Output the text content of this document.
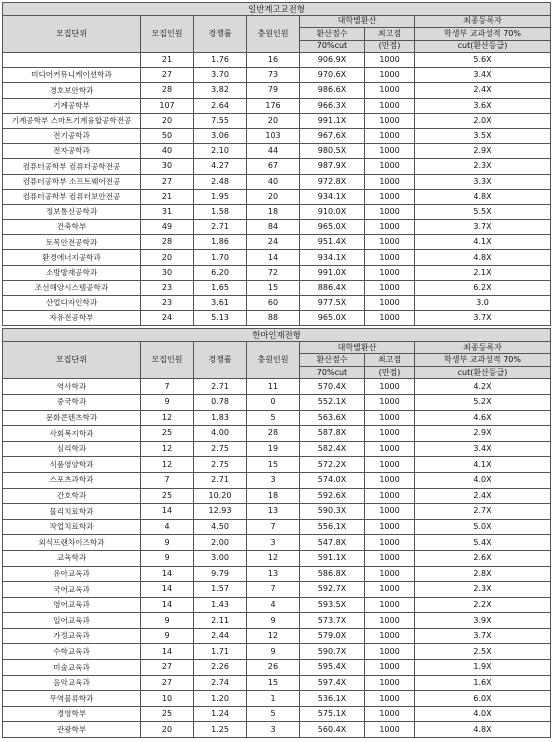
일반계고교전형						
모집단위	모집인원	경쟁률	충원인원	대학별환산		최종등록자
				환산점수	최고점	학생부 교과성적 70%
				70%cut	(만점)	cut(환산등급)
	21	1.76	16	906.9X	1000	5.6X
미디어커뮤니케이션학과	27	3.70	73	970.6X	1000	3.4X
경호보안학과	28	3.82	79	986.6X	1000	2.4X
기계공학부	107	2.64	176	966.3X	1000	3.6X
기계공학부 스마트기계융합공학전공	20	7.55	20	991.1X	1000	2.0X
전기공학과	50	3.06	103	967.6X	1000	3.5X
전자공학과	40	2.10	44	980.5X	1000	2.9X
컴퓨터공학부 컴퓨터공학전공	30	4.27	67	987.9X	1000	2.3X
컴퓨터공학부 소프트웨어전공	27	2.48	40	972.8X	1000	3.3X
컴퓨터공학부 컴퓨터보안전공	21	1.95	20	934.1X	1000	4.8X
정보통신공학과	31	1.58	18	910.0X	1000	5.5X
건축학부	49	2.71	84	965.0X	1000	3.7X
토목안전공학과	28	1.86	24	951.4X	1000	4.1X
환경에너지공학과	20	1.70	14	934.1X	1000	4.8X
소방방재공학과	30	6.20	72	991.0X	1000	2.1X
조선해양시스템공학과	23	1.65	15	886.4X	1000	6.2X
산업디자인학과	23	3.61	60	977.5X	1000	3.0
자유전공학부	24	5.13	88	965.0X	1000	3.7X
한마인재전형						
모집단위	모집인원	경쟁률	충원인원	대학별환산		최종등록자
				환산점수	최고점	학생부 교과성적 70%
				70%cut	(만점)	cut(환산등급)
역사학과	7	2.71	11	570.4X	1000	4.2X
중국학과	9	0.78	0	552.1X	1000	5.2X
문화콘텐츠학과	12	1.83	5	563.6X	1000	4.6X
사회복지학과	25	4.00	28	587.8X	1000	2.9X
심리학과	12	2.75	19	582.4X	1000	3.4X
식품영양학과	12	2.75	15	572.2X	1000	4.1X
스포츠과학과	7	2.71	3	574.0X	1000	4.0X
간호학과	25	10.20	18	592.6X	1000	2.4X
물리치료학과	14	12.93	13	590.3X	1000	2.7X
작업치료학과	4	4.50	7	556.1X	1000	5.0X
외식프랜차이즈학과	9	2.00	3	547.8X	1000	5.4X
교육학과	9	3.00	12	591.1X	1000	2.6X
유아교육과	14	9.79	13	586.8X	1000	2.8X
국어교육과	14	1.57	7	592.7X	1000	2.3X
영어교육과	14	1.43	4	593.5X	1000	2.2X
일어교육과	9	2.11	9	573.7X	1000	3.9X
가정교육과	9	2.44	12	579.0X	1000	3.7X
수학교육과	14	1.71	9	590.7X	1000	2.5X
미술교육과	27	2.26	26	595.4X	1000	1.9X
음악교육과	27	2.74	15	597.4X	1000	1.6X
무역물류학과	10	1.20	1	536.1X	1000	6.0X
경영학부	25	1.24	5	575.1X	1000	4.0X
관광학부	20	1.25	3	560.4X	1000	4.8X
